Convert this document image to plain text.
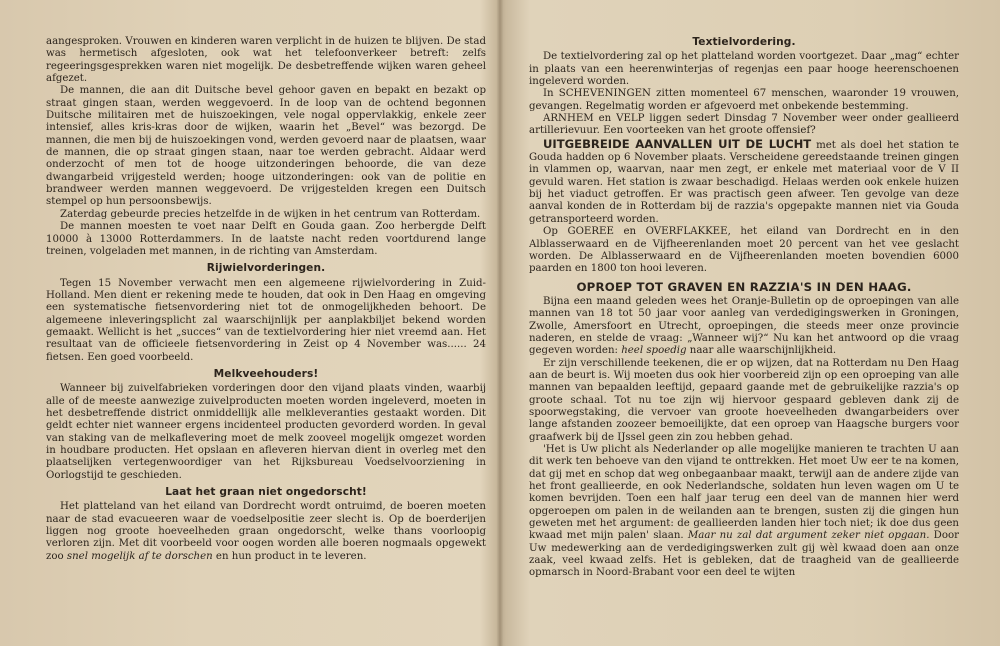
aangesproken. Vrouwen en kinderen waren verplicht in de huizen te blijven. De stad was hermetisch afgesloten, ook wat het telefoonverkeer betreft: zelfs regeeringsgesprekken waren niet mogelijk. De desbetreffende wijken waren geheel afgezet.

De mannen, die aan dit Duitsche bevel gehoor gaven en bepakt en bezakt op straat gingen staan, werden weggevoerd. In de loop van de ochtend begonnen Duitsche militairen met de huiszoekingen, vele nogal oppervlakkig, enkele zeer intensief, alles kris-kras door de wijken, waarin het „Bevel“ was bezorgd. De mannen, die men bij de huiszoekingen vond, werden gevoerd naar de plaatsen, waar de mannen, die op straat gingen staan, naar toe werden gebracht. Aldaar werd onderzocht of men tot de hooge uitzonderingen behoorde, die van deze dwangarbeid vrijgesteld werden; hooge uitzonderingen: ook van de politie en brandweer werden mannen weggevoerd. De vrijgestelden kregen een Duitsch stempel op hun persoonsbewijs.

Zaterdag gebeurde precies hetzelfde in de wijken in het centrum van Rotterdam.

De mannen moesten te voet naar Delft en Gouda gaan. Zoo herbergde Delft 10000 à 13000 Rotterdammers. In de laatste nacht reden voortdurend lange treinen, volgeladen met mannen, in de richting van Amsterdam.

Rijwielvorderingen.

Tegen 15 November verwacht men een algemeene rijwielvordering in Zuid-Holland. Men dient er rekening mede te houden, dat ook in Den Haag en omgeving een systematische fietsenvordering niet tot de onmogelijkheden behoort. De algemeene inleveringsplicht zal waarschijnlijk per aanplakbiljet bekend worden gemaakt. Wellicht is het „succes“ van de textielvordering hier niet vreemd aan. Het resultaat van de officieele fietsenvordering in Zeist op 4 November was...... 24 fietsen. Een goed voorbeeld.

Melkveehouders!

Wanneer bij zuivelfabrieken vorderingen door den vijand plaats vinden, waarbij alle of de meeste aanwezige zuivelproducten moeten worden ingeleverd, moeten in het desbetreffende district onmiddellijk alle melkleveranties gestaakt worden. Dit geldt echter niet wanneer ergens incidenteel producten gevorderd worden. In geval van staking van de melkaflevering moet de melk zooveel mogelijk omgezet worden in houdbare producten. Het opslaan en afleveren hiervan dient in overleg met den plaatselijken vertegenwoordiger van het Rijksbureau Voedselvoorziening in Oorlogstijd te geschieden.

Laat het graan niet ongedorscht!

Het platteland van het eiland van Dordrecht wordt ontruimd, de boeren moeten naar de stad evacueeren waar de voedselpositie zeer slecht is. Op de boerderijen liggen nog groote hoeveelheden graan ongedorscht, welke thans voorloopig verloren zijn. Met dit voorbeeld voor oogen worden alle boeren nogmaals opgewekt zoo snel mogelijk af te dorschen en hun product in te leveren.

Textielvordering.

De textielvordering zal op het platteland worden voortgezet. Daar „mag“ echter in plaats van een heerenwinterjas of regenjas een paar hooge heerenschoenen ingeleverd worden.

In SCHEVENINGEN zitten momenteel 67 menschen, waaronder 19 vrouwen, gevangen. Regelmatig worden er afgevoerd met onbekende bestemming.

ARNHEM en VELP liggen sedert Dinsdag 7 November weer onder geallieerd artillerievuur. Een voorteeken van het groote offensief?

UITGEBREIDE AANVALLEN UIT DE LUCHT met als doel het station te Gouda hadden op 6 November plaats. Verscheidene gereedstaande treinen gingen in vlammen op, waarvan, naar men zegt, er enkele met materiaal voor de V II gevuld waren. Het station is zwaar beschadigd. Helaas werden ook enkele huizen bij het viaduct getroffen. Er was practisch geen afweer. Ten gevolge van deze aanval konden de in Rotterdam bij de razzia's opgepakte mannen niet via Gouda getransporteerd worden.

Op GOEREE en OVERFLAKKEE, het eiland van Dordrecht en in den Alblasserwaard en de Vijfheerenlanden moet 20 percent van het vee geslacht worden. De Alblasserwaard en de Vijfheerenlanden moeten bovendien 6000 paarden en 1800 ton hooi leveren.

OPROEP TOT GRAVEN EN RAZZIA'S IN DEN HAAG.

Bijna een maand geleden wees het Oranje-Bulletin op de oproepingen van alle mannen van 18 tot 50 jaar voor aanleg van verdedigingswerken in Groningen, Zwolle, Amersfoort en Utrecht, oproepingen, die steeds meer onze provincie naderen, en stelde de vraag: „Wanneer wij?“ Nu kan het antwoord op die vraag gegeven worden: heel spoedig naar alle waarschijnlijkheid.

Er zijn verschillende teekenen, die er op wijzen, dat na Rotterdam nu Den Haag aan de beurt is. Wij moeten dus ook hier voorbereid zijn op een oproeping van alle mannen van bepaalden leeftijd, gepaard gaande met de gebruikelijke razzia's op groote schaal. Tot nu toe zijn wij hiervoor gespaard gebleven dank zij de spoorwegstaking, die vervoer van groote hoeveelheden dwangarbeiders over lange afstanden zoozeer bemoeilijkte, dat een oproep van Haagsche burgers voor graafwerk bij de IJssel geen zin zou hebben gehad.

'Het is Uw plicht als Nederlander op alle mogelijke manieren te trachten U aan dit werk ten behoeve van den vijand te onttrekken. Het moet Uw eer te na komen, dat gij met en schop dat weg onbegaanbaar maakt, terwijl aan de andere zijde van het front geallieerde, en ook Nederlandsche, soldaten hun leven wagen om U te komen bevrijden. Toen een half jaar terug een deel van de mannen hier werd opgeroepen om palen in de weilanden aan te brengen, susten zij die gingen hun geweten met het argument: de geallieerden landen hier toch niet; ik doe dus geen kwaad met mijn palen' slaan. Maar nu zal dat argument zeker niet opgaan. Door Uw medewerking aan de verdedigingswerken zult gij wèl kwaad doen aan onze zaak, veel kwaad zelfs. Het is gebleken, dat de traagheid van de geallieerde opmarsch in Noord-Brabant voor een deel te wijten
